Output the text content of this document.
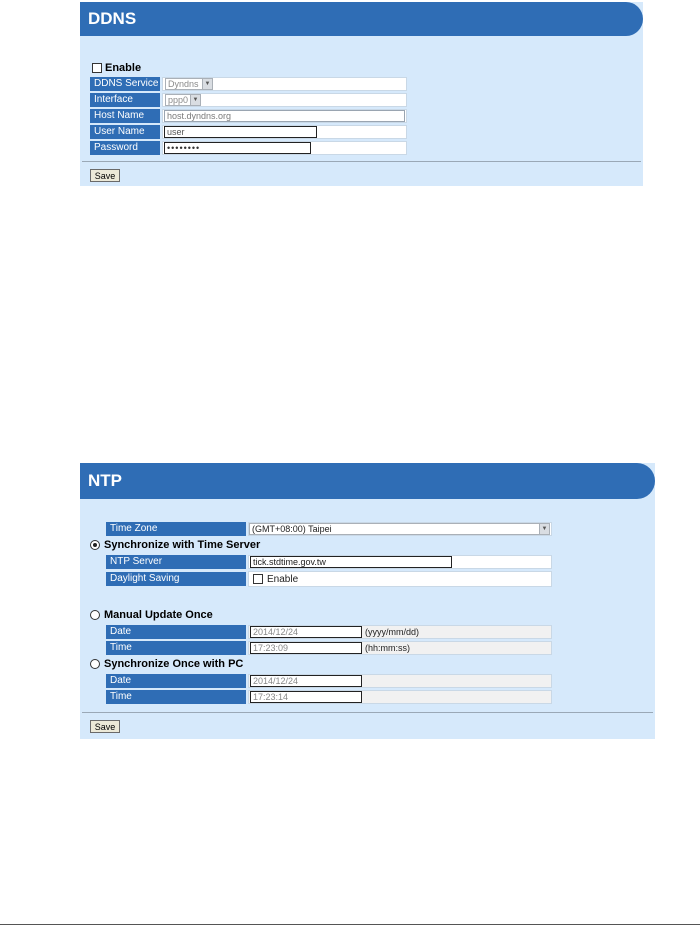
DDNS
Enable
DDNS Service Dyndns	▼
Interface	ppp0 ▼
Host Name	host.dyndns.org
User Name	user
Password	••••••••
Save
NTP
Time Zone	(GMT+08:00) Taipei	▼
Synchronize with Time Server
NTP Server	tick.stdtime.gov.tw
Daylight Saving	Enable
Manual Update Once
Date	2014/12/24	(yyyy/mm/dd)
Time	17:23:09	(hh:mm:ss)
Synchronize Once with PC
Date	2014/12/24
Time	17:23:14
Save
